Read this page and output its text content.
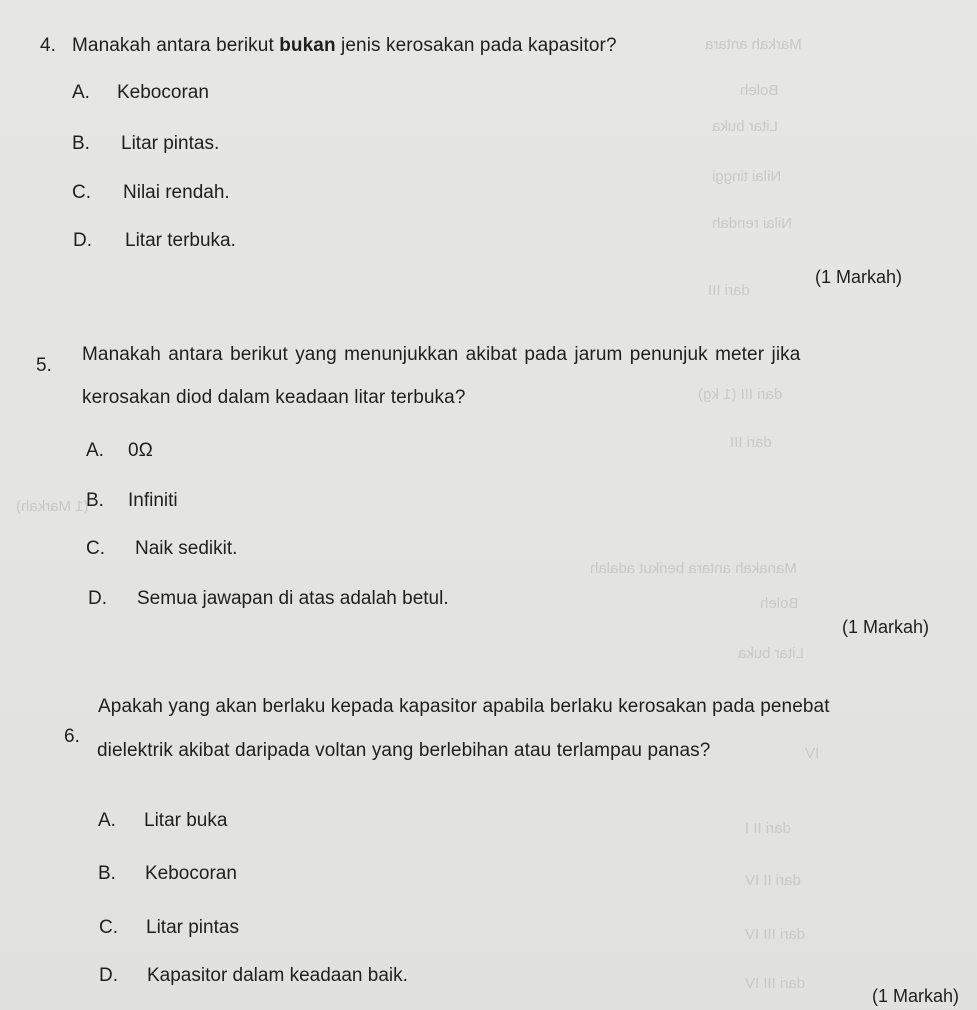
Markah antara
Boleh
Litar buka
Nilai tinggi
Nilai rendah
dari III
dari III (1 kg)
dari III
(1 Markah)
Manakah antara berikut adalah
Boleh
Litar buka
IV
dari II I
dari II IV
dari III IV
dari III IV
4. Manakah antara berikut bukan jenis kerosakan pada kapasitor?
A. Kebocoran
B. Litar pintas.
C. Nilai rendah.
D. Litar terbuka.
(1 Markah)
5.
Manakah antara berikut yang menunjukkan akibat pada jarum penunjuk meter jika
kerosakan diod dalam keadaan litar terbuka?
A. 0Ω
B. Infiniti
C. Naik sedikit.
D. Semua jawapan di atas adalah betul.
(1 Markah)
6.
Apakah yang akan berlaku kepada kapasitor apabila berlaku kerosakan pada penebat
dielektrik akibat daripada voltan yang berlebihan atau terlampau panas?
A. Litar buka
B. Kebocoran
C. Litar pintas
D. Kapasitor dalam keadaan baik.
(1 Markah)
